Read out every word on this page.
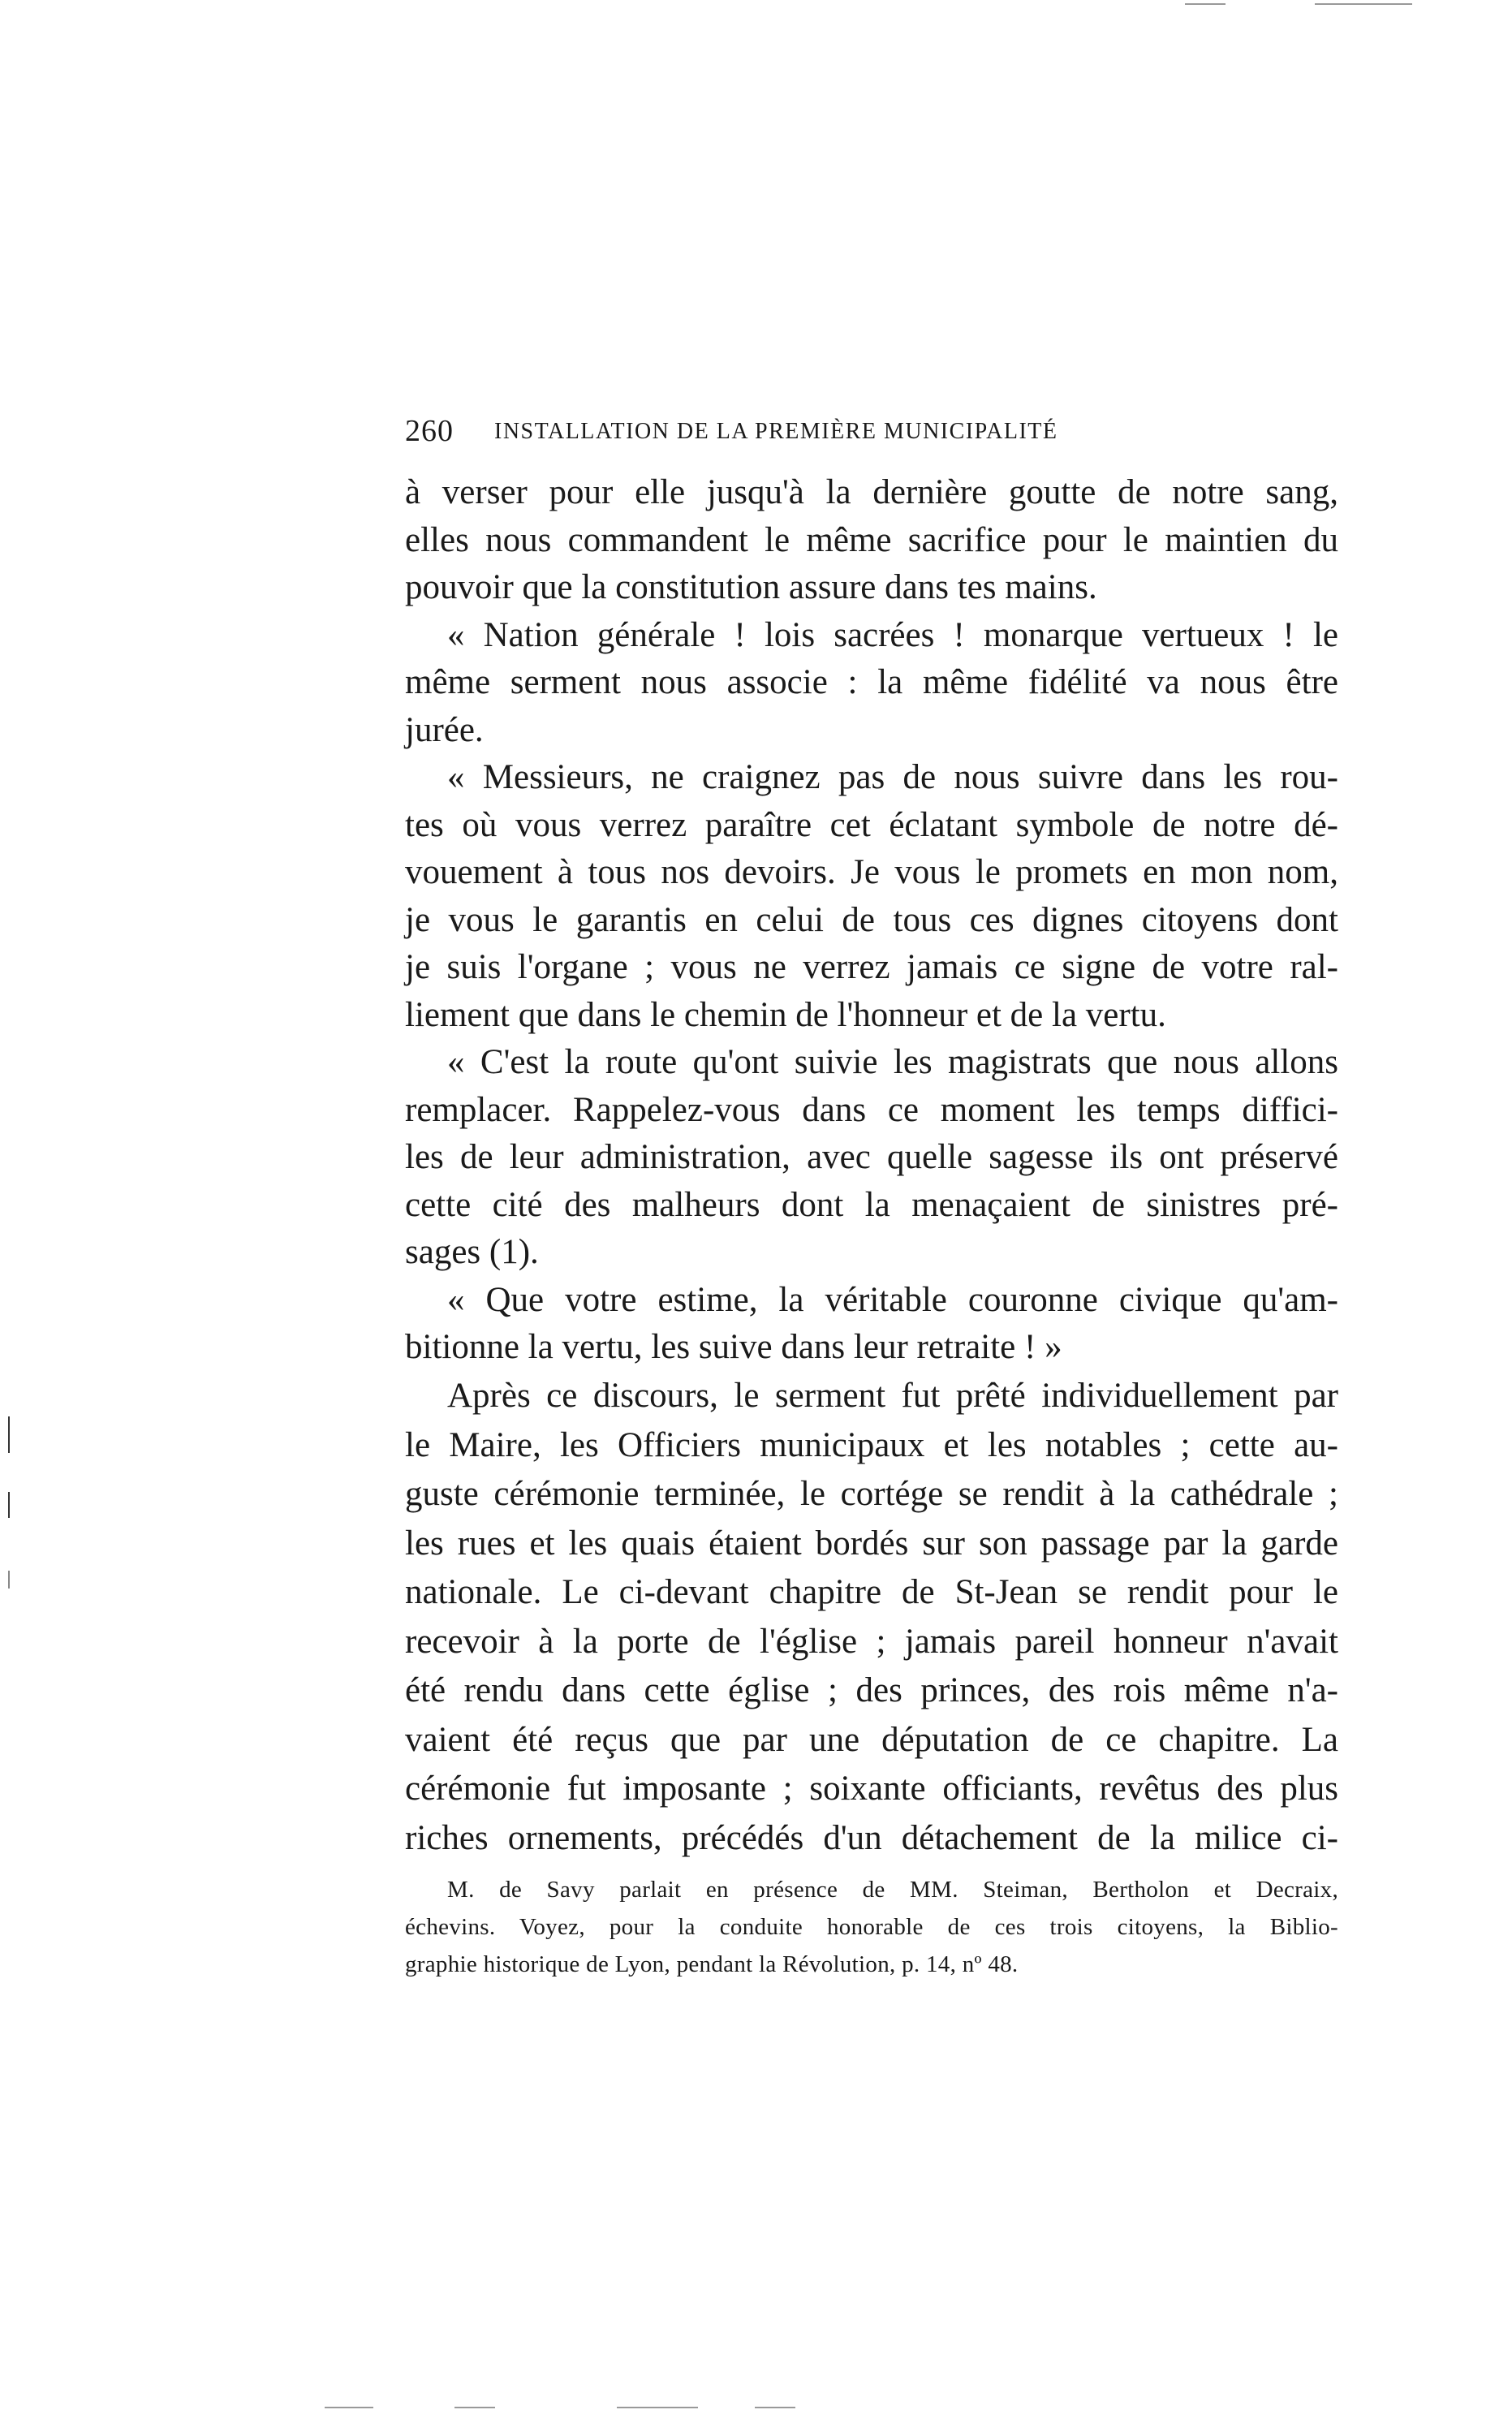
260 INSTALLATION DE LA PREMIÈRE MUNICIPALITÉ
à verser pour elle jusqu'à la dernière goutte de notre sang,
elles nous commandent le même sacrifice pour le maintien du
pouvoir que la constitution assure dans tes mains.
« Nation générale ! lois sacrées ! monarque vertueux ! le
même serment nous associe : la même fidélité va nous être
jurée.
« Messieurs, ne craignez pas de nous suivre dans les rou-
tes où vous verrez paraître cet éclatant symbole de notre dé-
vouement à tous nos devoirs. Je vous le promets en mon nom,
je vous le garantis en celui de tous ces dignes citoyens dont
je suis l'organe ; vous ne verrez jamais ce signe de votre ral-
liement que dans le chemin de l'honneur et de la vertu.
« C'est la route qu'ont suivie les magistrats que nous allons
remplacer. Rappelez-vous dans ce moment les temps diffici-
les de leur administration, avec quelle sagesse ils ont préservé
cette cité des malheurs dont la menaçaient de sinistres pré-
sages (1).
« Que votre estime, la véritable couronne civique qu'am-
bitionne la vertu, les suive dans leur retraite ! »
Après ce discours, le serment fut prêté individuellement par
le Maire, les Officiers municipaux et les notables ; cette au-
guste cérémonie terminée, le cortége se rendit à la cathédrale ;
les rues et les quais étaient bordés sur son passage par la garde
nationale. Le ci-devant chapitre de St-Jean se rendit pour le
recevoir à la porte de l'église ; jamais pareil honneur n'avait
été rendu dans cette église ; des princes, des rois même n'a-
vaient été reçus que par une députation de ce chapitre. La
cérémonie fut imposante ; soixante officiants, revêtus des plus
riches ornements, précédés d'un détachement de la milice ci-
M. de Savy parlait en présence de MM. Steiman, Bertholon et Decraix,
échevins. Voyez, pour la conduite honorable de ces trois citoyens, la Biblio-
graphie historique de Lyon, pendant la Révolution, p. 14, nº 48.
